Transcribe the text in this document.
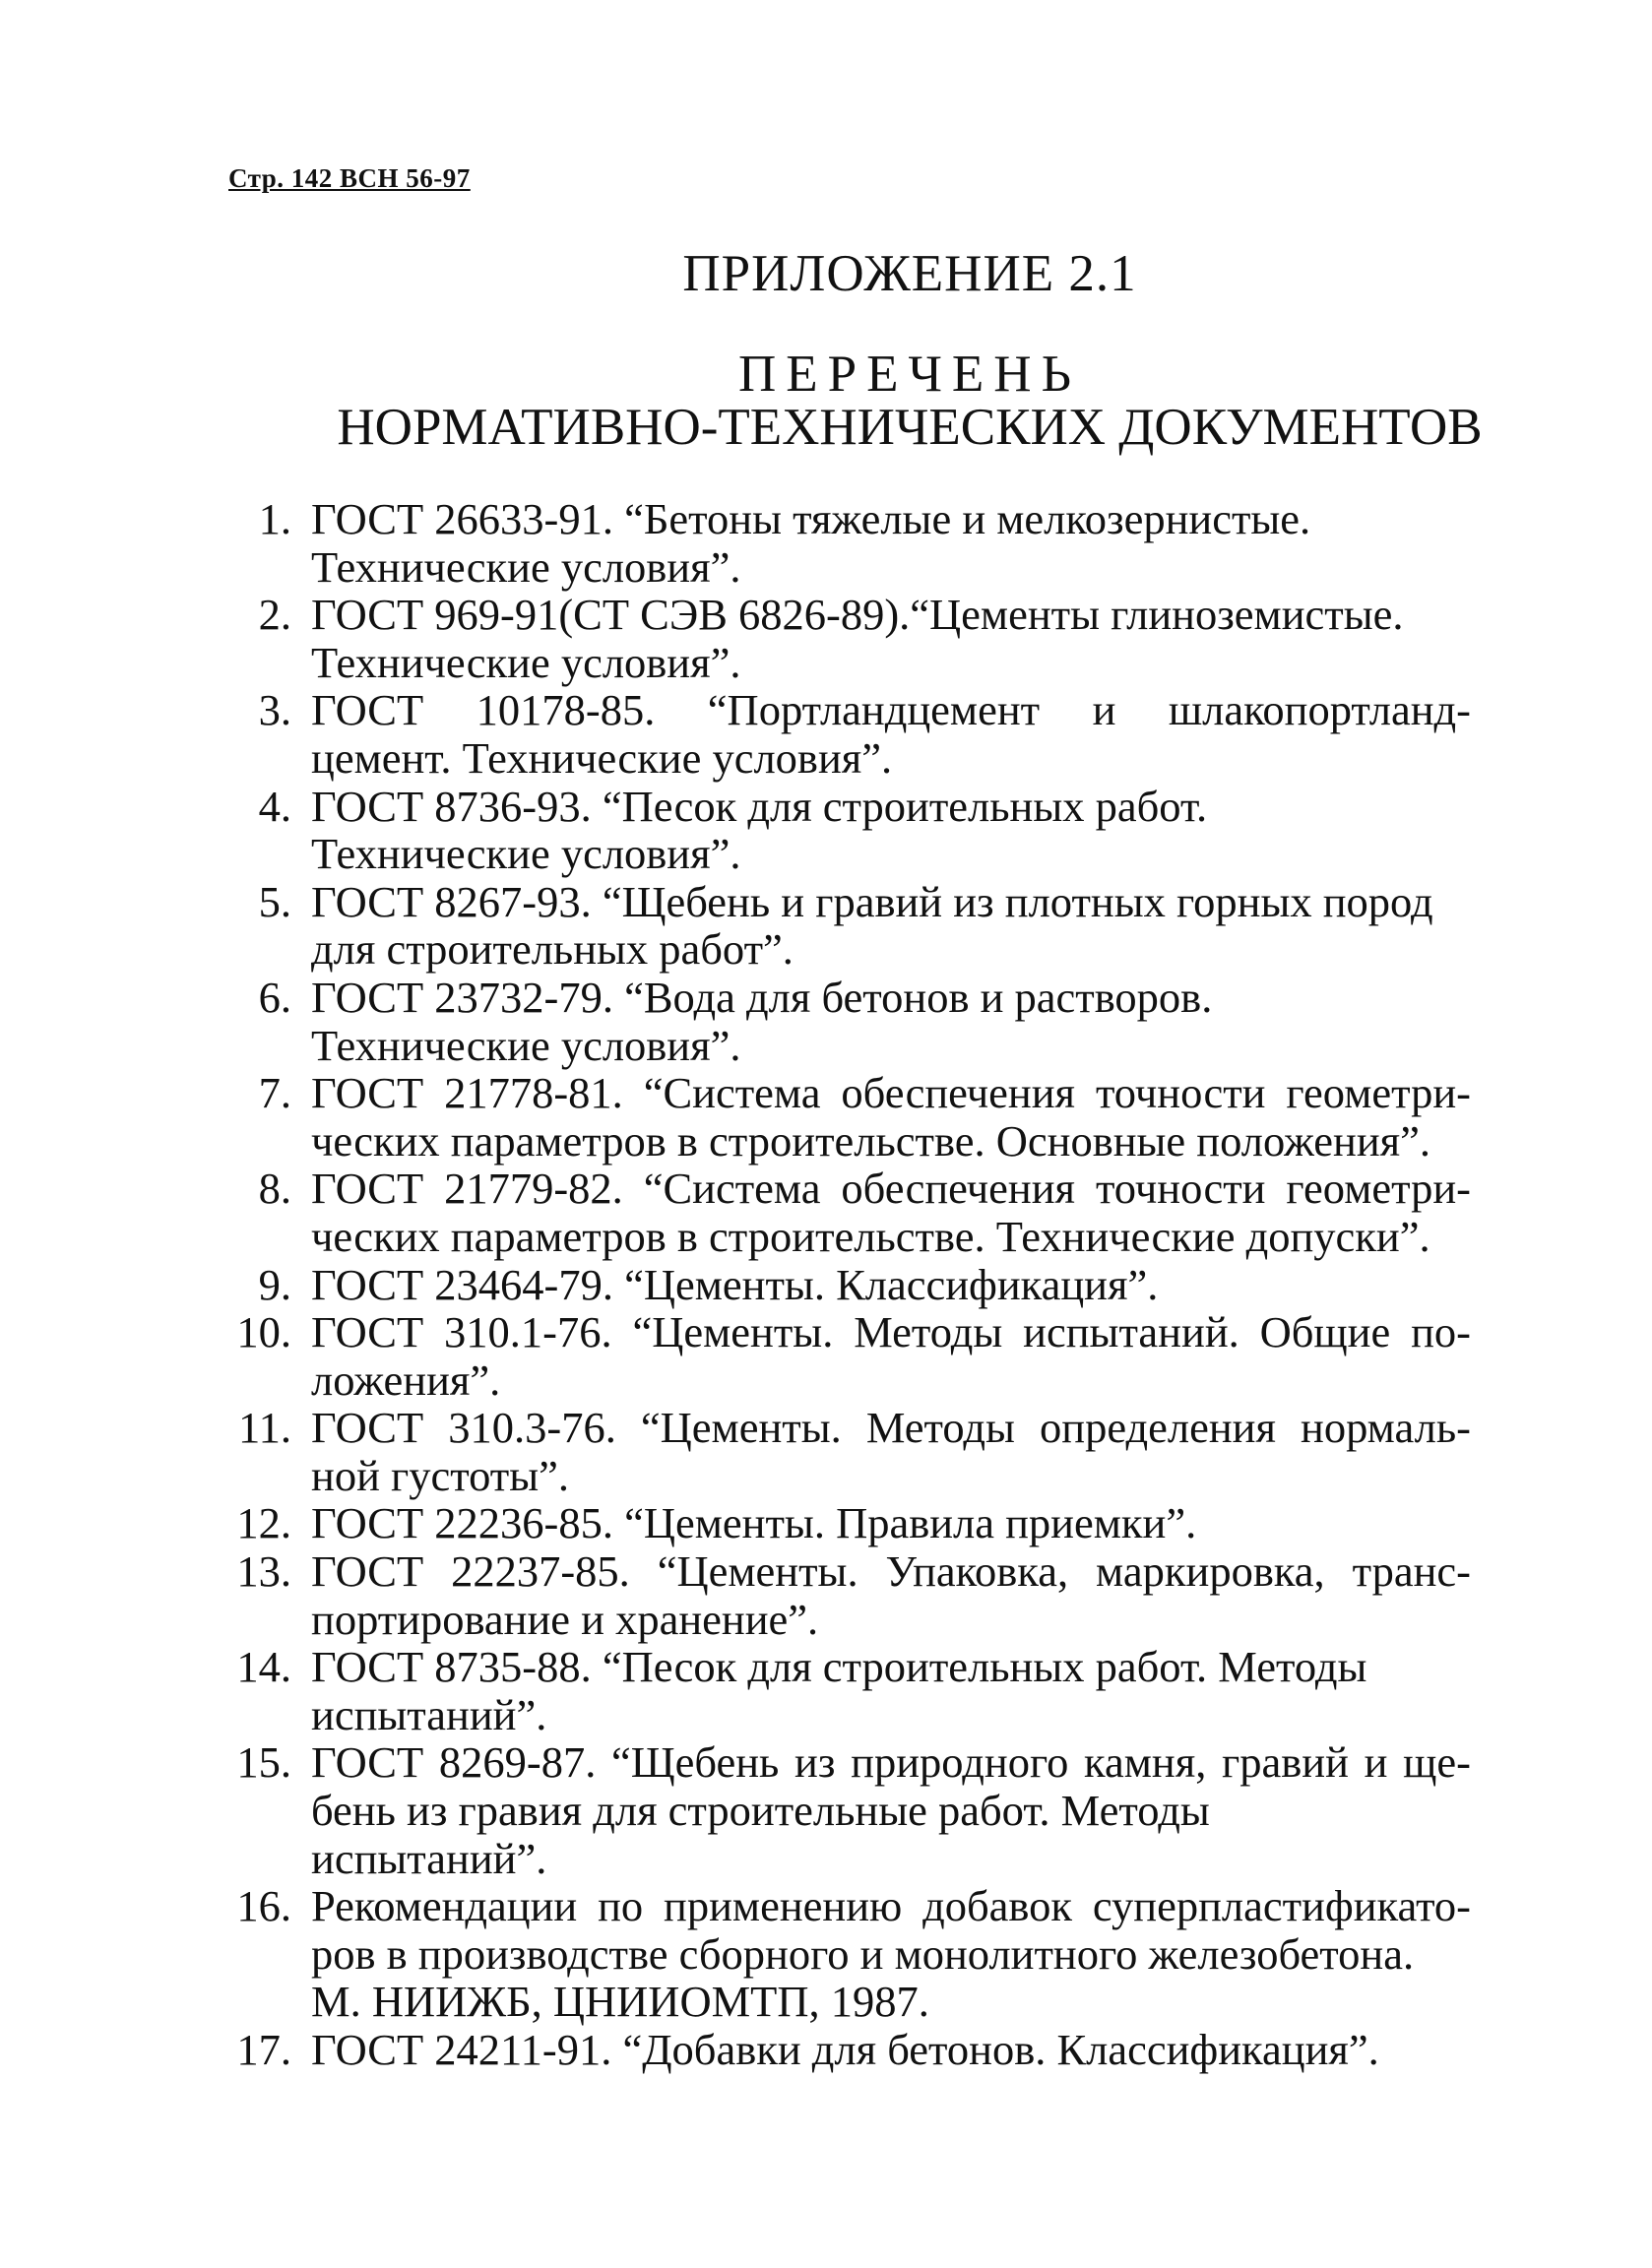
Стр. 142 ВСН 56-97
ПРИЛОЖЕНИЕ 2.1
ПЕРЕЧЕНЬ
НОРМАТИВНО-ТЕХНИЧЕСКИХ ДОКУМЕНТОВ
1. ГОСТ 26633-91. “Бетоны тяжелые и мелкозернистые.
Технические условия”.
2. ГОСТ 969-91(СТ СЭВ 6826-89).“Цементы глиноземистые.
Технические условия”.
3. ГОСТ 10178-85. “Портландцемент и шлакопортланд-
цемент. Технические условия”.
4. ГОСТ 8736-93. “Песок для строительных работ.
Технические условия”.
5. ГОСТ 8267-93. “Щебень и гравий из плотных горных пород
для строительных работ”.
6. ГОСТ 23732-79. “Вода для бетонов и растворов.
Технические условия”.
7. ГОСТ 21778-81. “Система обеспечения точности геометри-
ческих параметров в строительстве. Основные положения”.
8. ГОСТ 21779-82. “Система обеспечения точности геометри-
ческих параметров в строительстве. Технические допуски”.
9. ГОСТ 23464-79. “Цементы. Классификация”.
10. ГОСТ 310.1-76. “Цементы. Методы испытаний. Общие по-
ложения”.
11. ГОСТ 310.3-76. “Цементы. Методы определения нормаль-
ной густоты”.
12. ГОСТ 22236-85. “Цементы. Правила приемки”.
13. ГОСТ 22237-85. “Цементы. Упаковка, маркировка, транс-
портирование и хранение”.
14. ГОСТ 8735-88. “Песок для строительных работ. Методы
испытаний”.
15. ГОСТ 8269-87. “Щебень из природного камня, гравий и ще-
бень из гравия для строительные работ. Методы
испытаний”.
16. Рекомендации по применению добавок суперпластификато-
ров в производстве сборного и монолитного железобетона.
М. НИИЖБ, ЦНИИОМТП, 1987.
17. ГОСТ 24211-91. “Добавки для бетонов. Классификация”.
